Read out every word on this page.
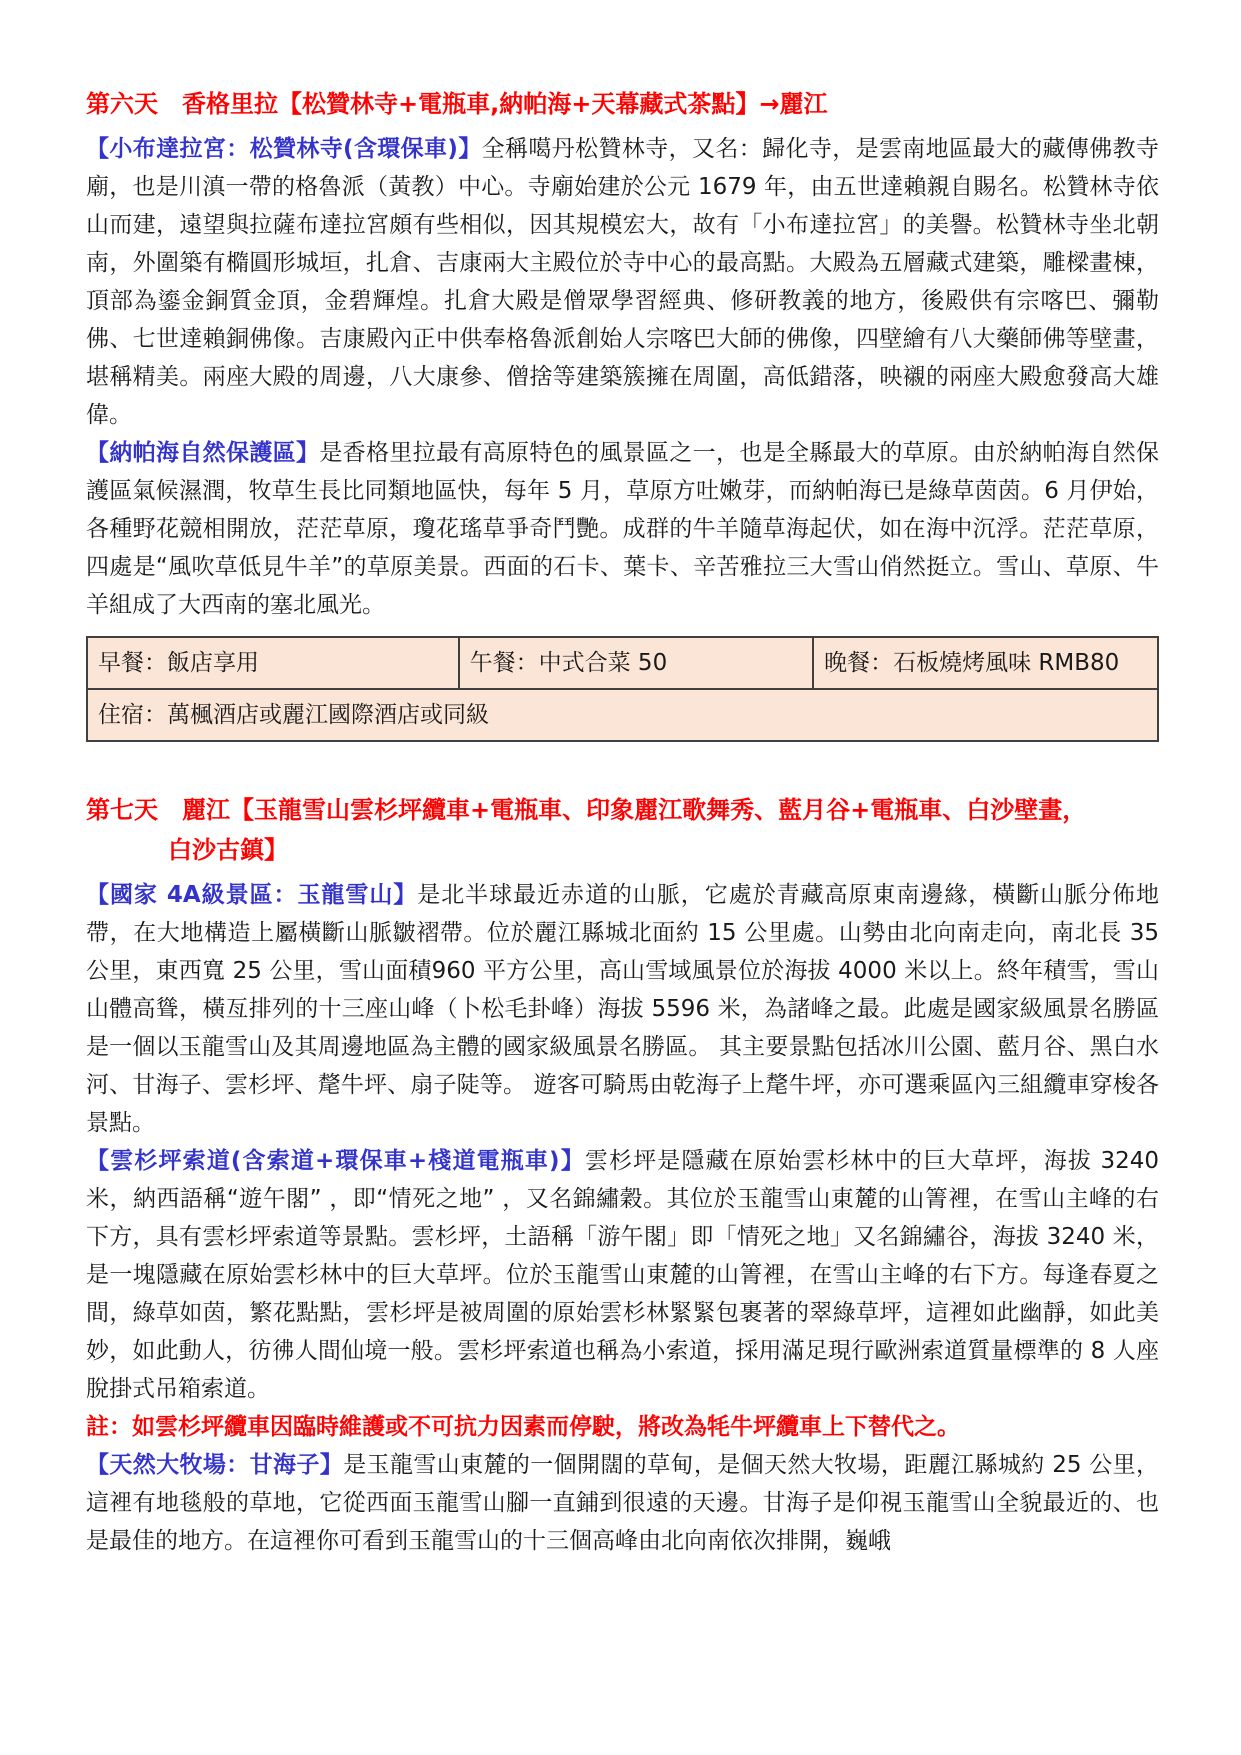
第六天　香格里拉【松贊林寺+電瓶車,納帕海+天幕藏式茶點】→麗江

【小布達拉宮：松贊林寺(含環保車)】全稱噶丹松贊林寺，又名：歸化寺，是雲南地區最大的藏傳佛教寺廟，也是川滇一帶的格魯派（黃教）中心。寺廟始建於公元 1679 年，由五世達賴親自賜名。松贊林寺依山而建，遠望與拉薩布達拉宮頗有些相似，因其規模宏大，故有「小布達拉宮」的美譽。松贊林寺坐北朝南，外圍築有橢圓形城垣，扎倉、吉康兩大主殿位於寺中心的最高點。大殿為五層藏式建築，雕樑畫棟，頂部為鎏金銅質金頂，金碧輝煌。扎倉大殿是僧眾學習經典、修研教義的地方，後殿供有宗喀巴、彌勒佛、七世達賴銅佛像。吉康殿內正中供奉格魯派創始人宗喀巴大師的佛像，四壁繪有八大藥師佛等壁畫，堪稱精美。兩座大殿的周邊，八大康參、僧捨等建築簇擁在周圍，高低錯落，映襯的兩座大殿愈發高大雄偉。

【納帕海自然保護區】是香格里拉最有高原特色的風景區之一，也是全縣最大的草原。由於納帕海自然保護區氣候濕潤，牧草生長比同類地區快，每年 5 月，草原方吐嫩芽，而納帕海已是綠草茵茵。6 月伊始，各種野花競相開放，茫茫草原，瓊花瑤草爭奇鬥艷。成群的牛羊隨草海起伏，如在海中沉浮。茫茫草原，四處是“風吹草低見牛羊”的草原美景。西面的石卡、葉卡、辛苦雅拉三大雪山俏然挺立。雪山、草原、牛羊組成了大西南的塞北風光。

早餐：飯店享用	午餐：中式合菜 50	晚餐：石板燒烤風味 RMB80
住宿：萬楓酒店或麗江國際酒店或同級
第七天　麗江【玉龍雪山雲杉坪纜車+電瓶車、印象麗江歌舞秀、藍月谷+電瓶車、白沙壁畫，
白沙古鎮】

【國家 4A級景區：玉龍雪山】是北半球最近赤道的山脈，它處於青藏高原東南邊緣，橫斷山脈分佈地帶，在大地構造上屬橫斷山脈皺褶帶。位於麗江縣城北面約 15 公里處。山勢由北向南走向，南北長 35 公里，東西寬 25 公里，雪山面積960 平方公里，高山雪域風景位於海拔 4000 米以上。終年積雪，雪山山體高聳，橫亙排列的十三座山峰（卜松毛卦峰）海拔 5596 米，為諸峰之最。此處是國家級風景名勝區是一個以玉龍雪山及其周邊地區為主體的國家級風景名勝區。 其主要景點包括冰川公園、藍月谷、黑白水 河、甘海子、雲杉坪、氂牛坪、扇子陡等。 遊客可騎馬由乾海子上氂牛坪，亦可選乘區內三組纜車穿梭各景點。

【雲杉坪索道(含索道+環保車+棧道電瓶車)】雲杉坪是隱藏在原始雲杉林中的巨大草坪，海拔 3240 米，納西語稱“遊午閣” ，即“情死之地” ，又名錦繡穀。其位於玉龍雪山東麓的山箐裡，在雪山主峰的右下方，具有雲杉坪索道等景點。雲杉坪，土語稱「游午閣」即「情死之地」又名錦繡谷，海拔 3240 米，是一塊隱藏在原始雲杉林中的巨大草坪。位於玉龍雪山東麓的山箐裡，在雪山主峰的右下方。每逢春夏之間，綠草如茵，繁花點點，雲杉坪是被周圍的原始雲杉林緊緊包裹著的翠綠草坪，這裡如此幽靜，如此美妙，如此動人，彷彿人間仙境一般。雲杉坪索道也稱為小索道，採用滿足現行歐洲索道質量標準的 8 人座脫掛式吊箱索道。

註：如雲杉坪纜車因臨時維護或不可抗力因素而停駛，將改為牦牛坪纜車上下替代之。

【天然大牧場：甘海子】是玉龍雪山東麓的一個開闊的草甸，是個天然大牧場，距麗江縣城約 25 公里，這裡有地毯般的草地，它從西面玉龍雪山腳一直鋪到很遠的天邊。甘海子是仰視玉龍雪山全貌最近的、也是最佳的地方。在這裡你可看到玉龍雪山的十三個高峰由北向南依次排開，巍峨
